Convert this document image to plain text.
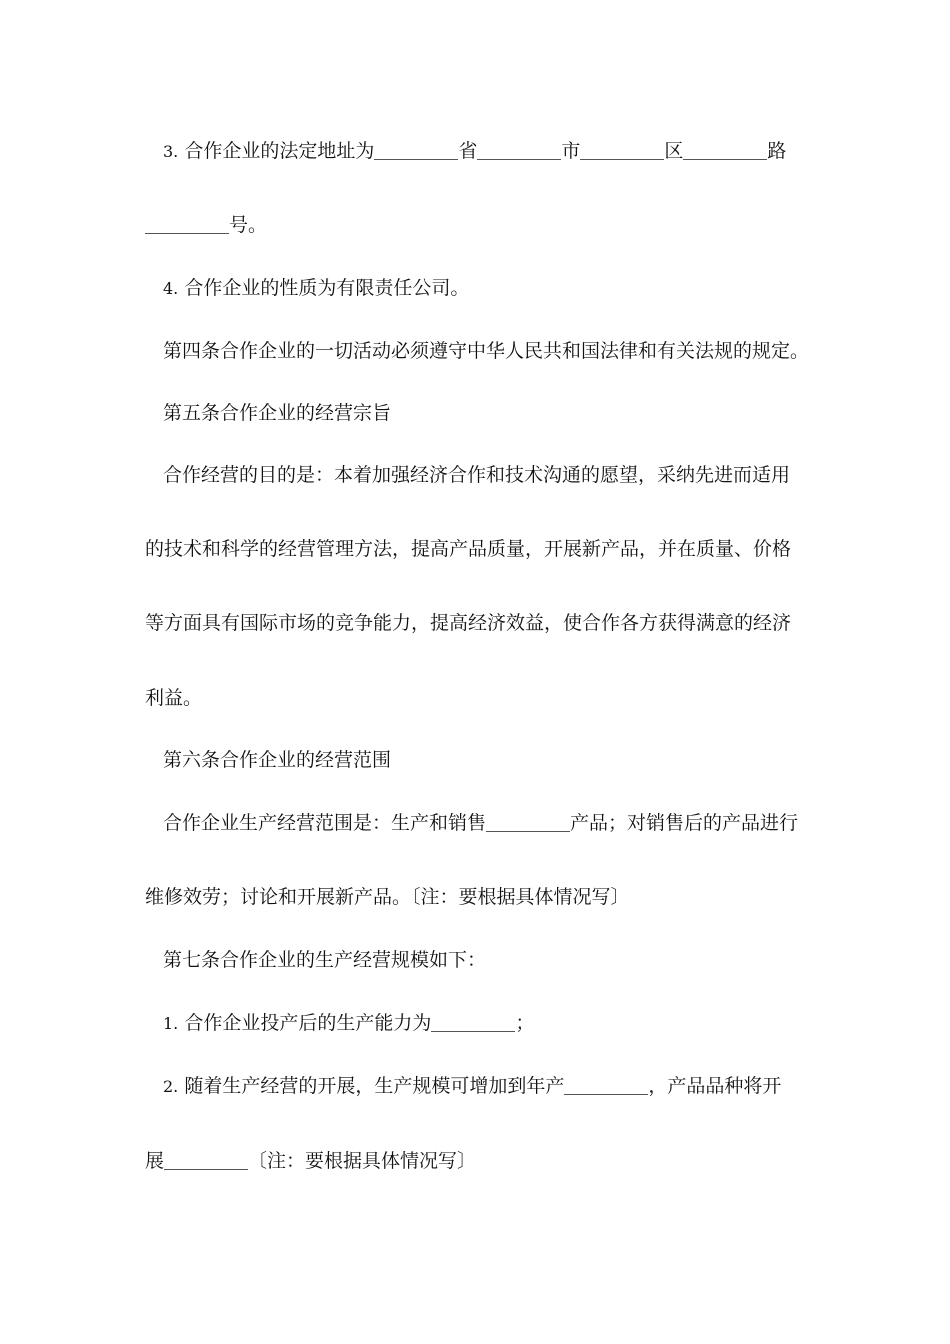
3. 合作企业的法定地址为	省	市	区	路
号。
4. 合作企业的性质为有限责任公司。
第四条合作企业的一切活动必须遵守中华人民共和国法律和有关法规的规定。
第五条合作企业的经营宗旨
合作经营的目的是：本着加强经济合作和技术沟通的愿望，采纳先进而适用
的技术和科学的经营管理方法，提高产品质量，开展新产品，并在质量、价格
等方面具有国际市场的竞争能力，提高经济效益，使合作各方获得满意的经济
利益。
第六条合作企业的经营范围
合作企业生产经营范围是：生产和销售	产品；对销售后的产品进行
维修效劳；讨论和开展新产品。〔注：要根据具体情况写〕
第七条合作企业的生产经营规模如下：
1. 合作企业投产后的生产能力为	；
2. 随着生产经营的开展，生产规模可增加到年产	，产品品种将开
展	〔注：要根据具体情况写〕
